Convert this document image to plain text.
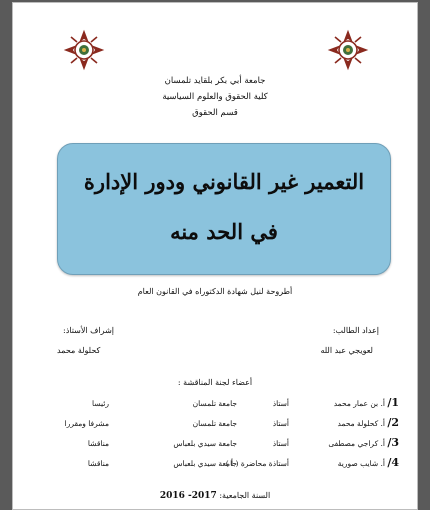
جامعة أبي بكر بلقايد تلمسان
كلية الحقوق والعلوم السياسية
قسم الحقوق
التعمير غير القانوني ودور الإدارة
في الحد منه
أطروحة لنيل شهادة الدكتوراه في القانون العام
إعداد الطالب:
لعويجي عبد الله
إشراف الأستاذ:
كحلولة محمد
أعضاء لجنة المناقشة :
1/
أ. بن عمار محمد
أستاذ
جامعة تلمسان
رئيسا
2/
أ. كحلولة محمد
أستاذ
جامعة تلمسان
مشرفا ومقررا
3/
أ. كراجي مصطفى
أستاذ
جامعة سيدي بلعباس
مناقشا
4/
أ. شايب صورية
أستاذة محاضرة ( أ )
جامعة سيدي بلعباس
مناقشا
السنة الجامعية: 2016 -2017
